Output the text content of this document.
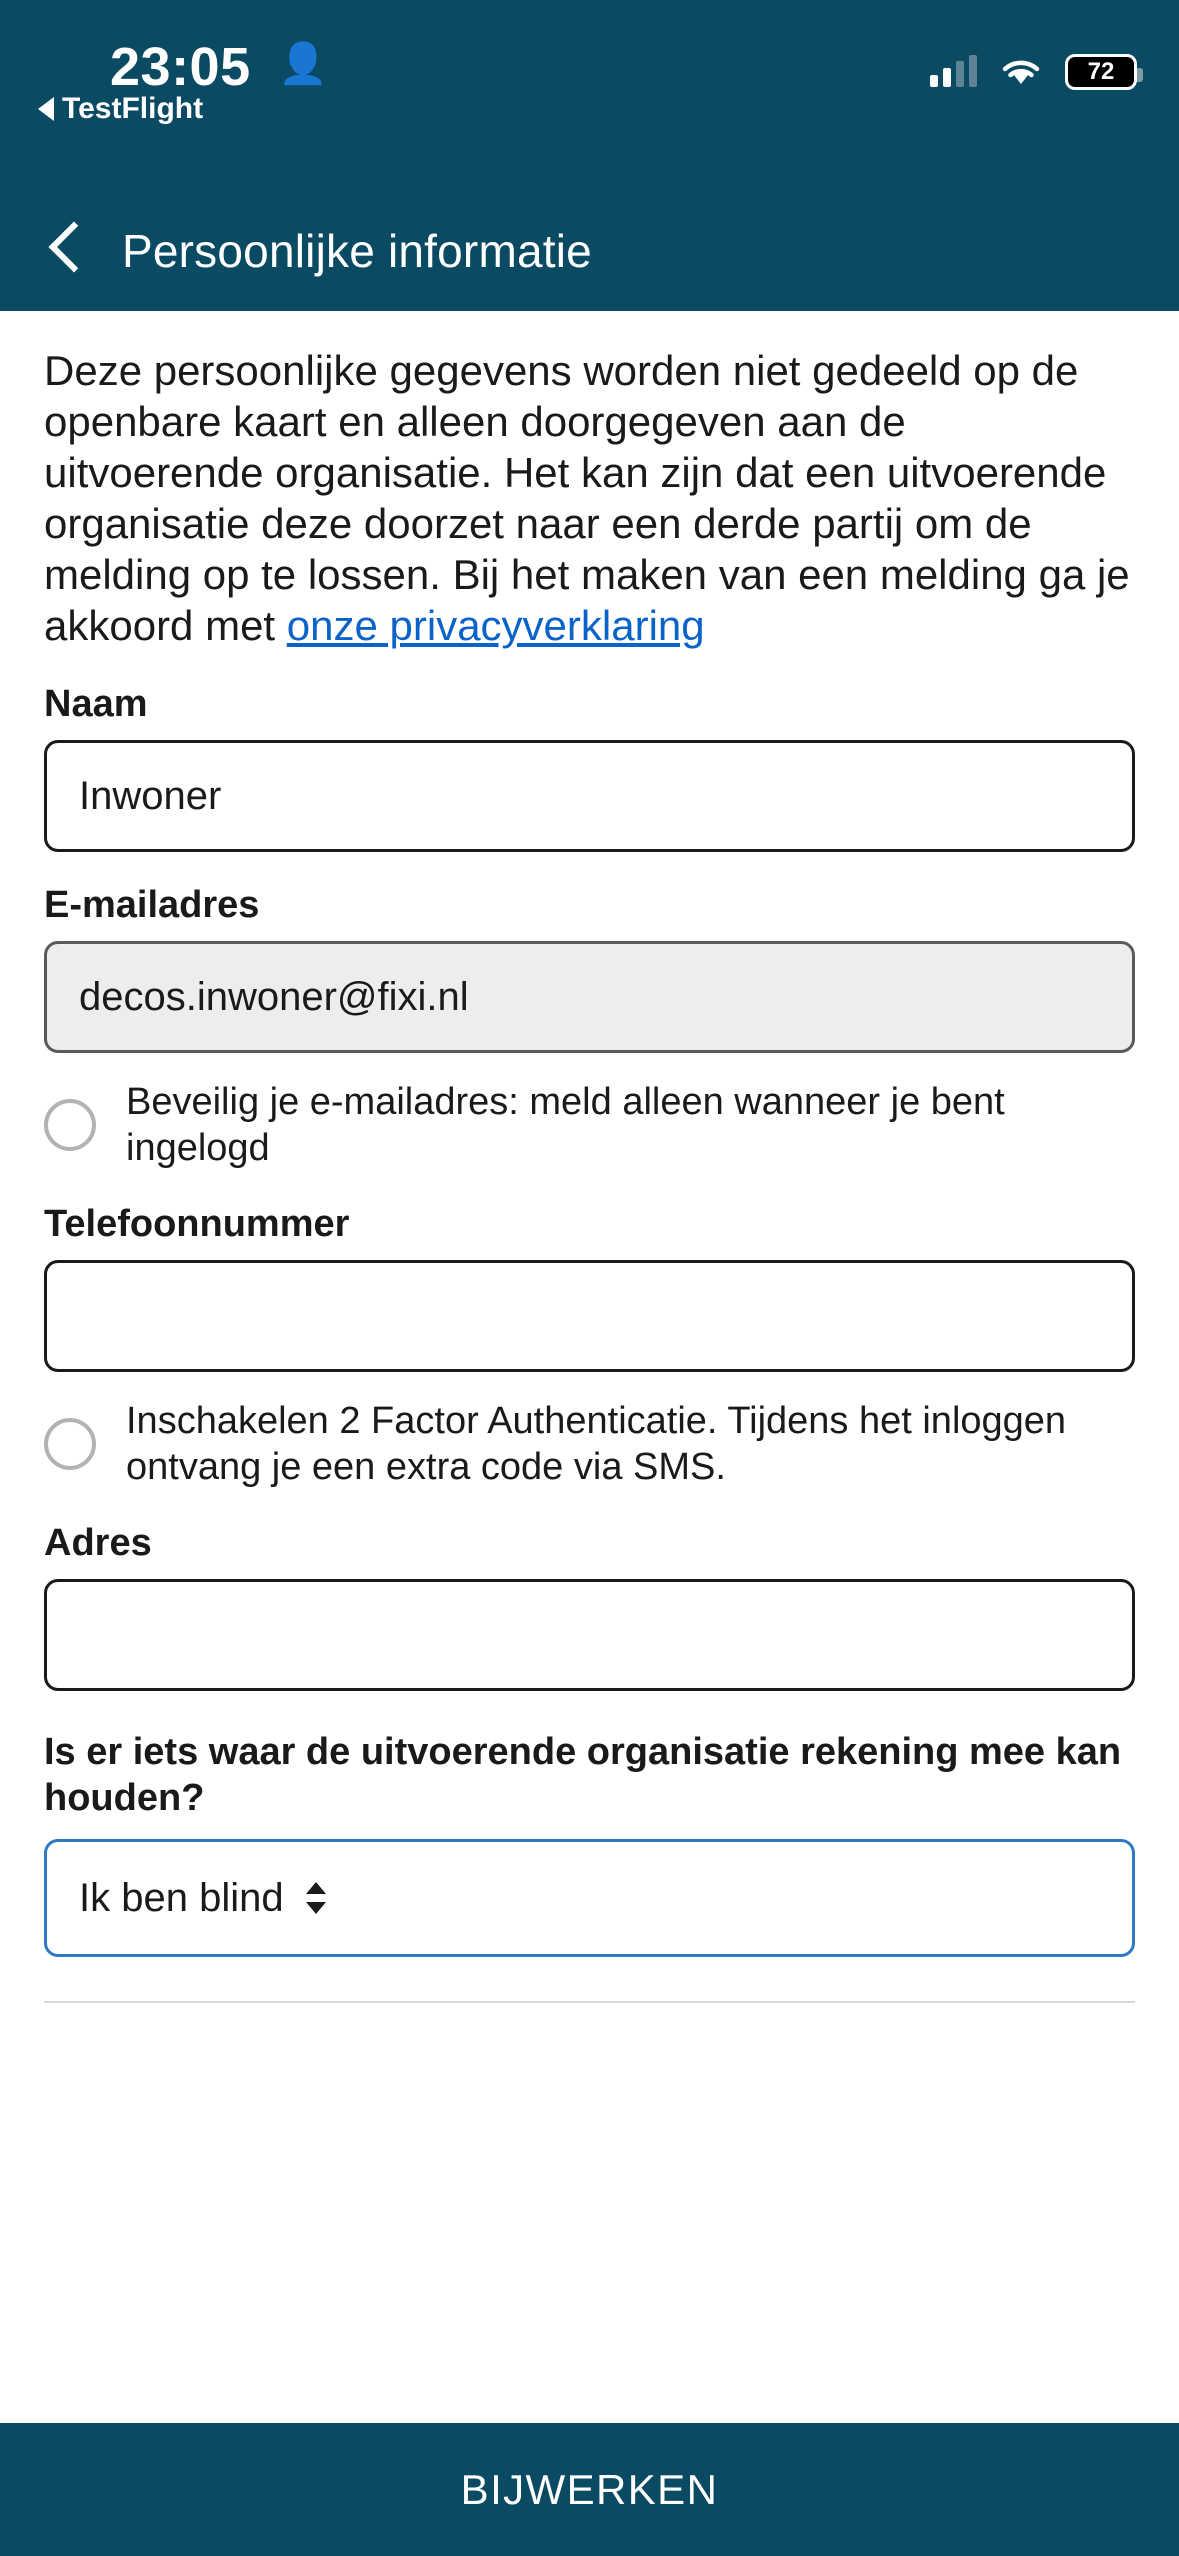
23:05 👤
TestFlight
72
Persoonlijke informatie

Deze persoonlijke gegevens worden niet gedeeld op de openbare kaart en alleen doorgegeven aan de uitvoerende organisatie. Het kan zijn dat een uitvoerende organisatie deze doorzet naar een derde partij om de melding op te lossen. Bij het maken van een melding ga je akkoord met onze privacyverklaring

Naam
Inwoner
E-mailadres
decos.inwoner@fixi.nl
Beveilig je e-mailadres: meld alleen wanneer je bent ingelogd
Telefoonnummer
Inschakelen 2 Factor Authenticatie. Tijdens het inloggen ontvang je een extra code via SMS.
Adres
Is er iets waar de uitvoerende organisatie rekening mee kan houden?
Ik ben blind
BIJWERKEN
